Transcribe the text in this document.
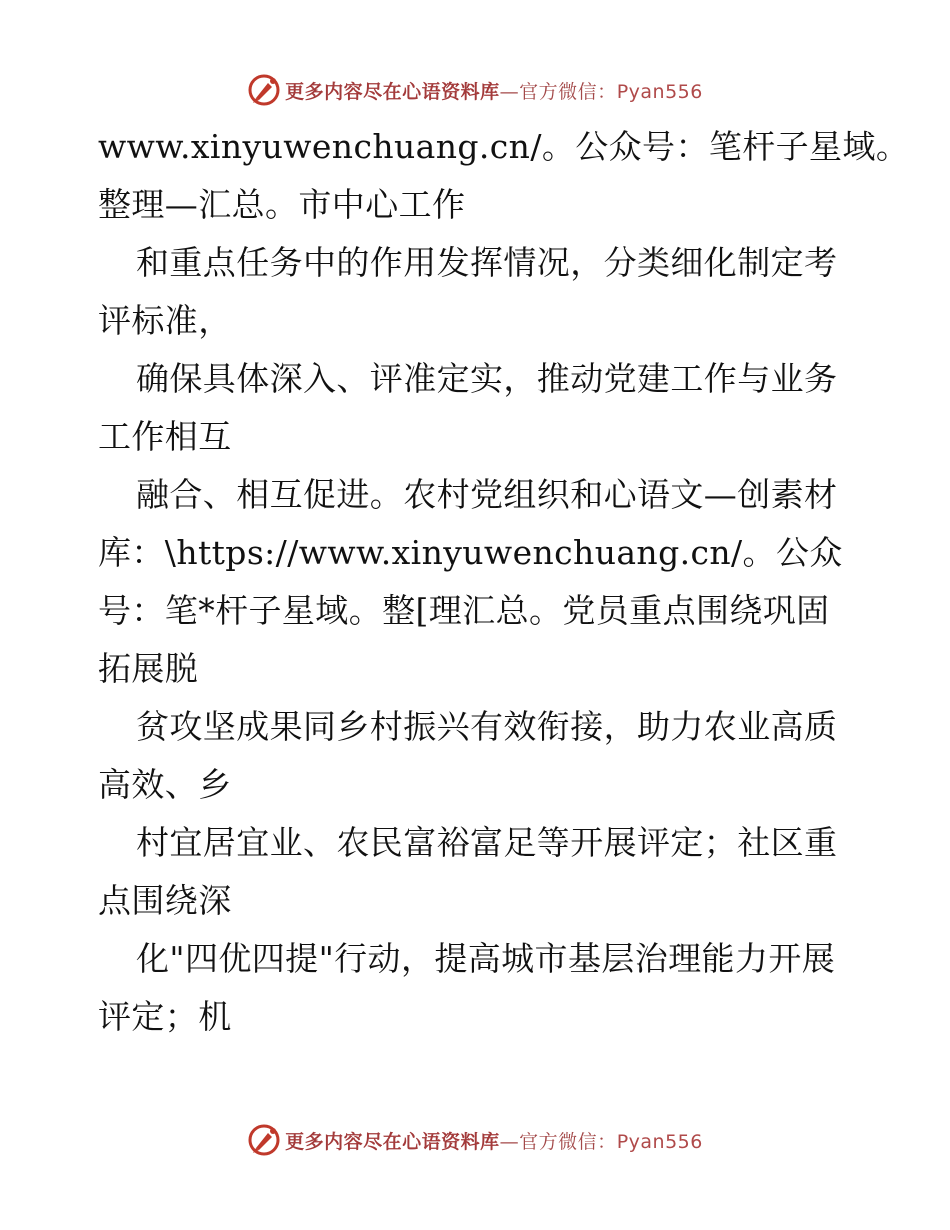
更多内容尽在心语资料库—官方微信：Pyan556
www.xinyuwenchuang.cn/。公众号：笔杆子星域。
整理—汇总。市中心工作
和重点任务中的作用发挥情况，分类细化制定考
评标准，
确保具体深入、评准定实，推动党建工作与业务
工作相互
融合、相互促进。农村党组织和心语文—创素材
库：\https://www.xinyuwenchuang.cn/。公众
号：笔*杆子星域。整[理汇总。党员重点围绕巩固
拓展脱
贫攻坚成果同乡村振兴有效衔接，助力农业高质
高效、乡
村宜居宜业、农民富裕富足等开展评定；社区重
点围绕深
化"四优四提"行动，提高城市基层治理能力开展
评定；机
更多内容尽在心语资料库—官方微信：Pyan556
